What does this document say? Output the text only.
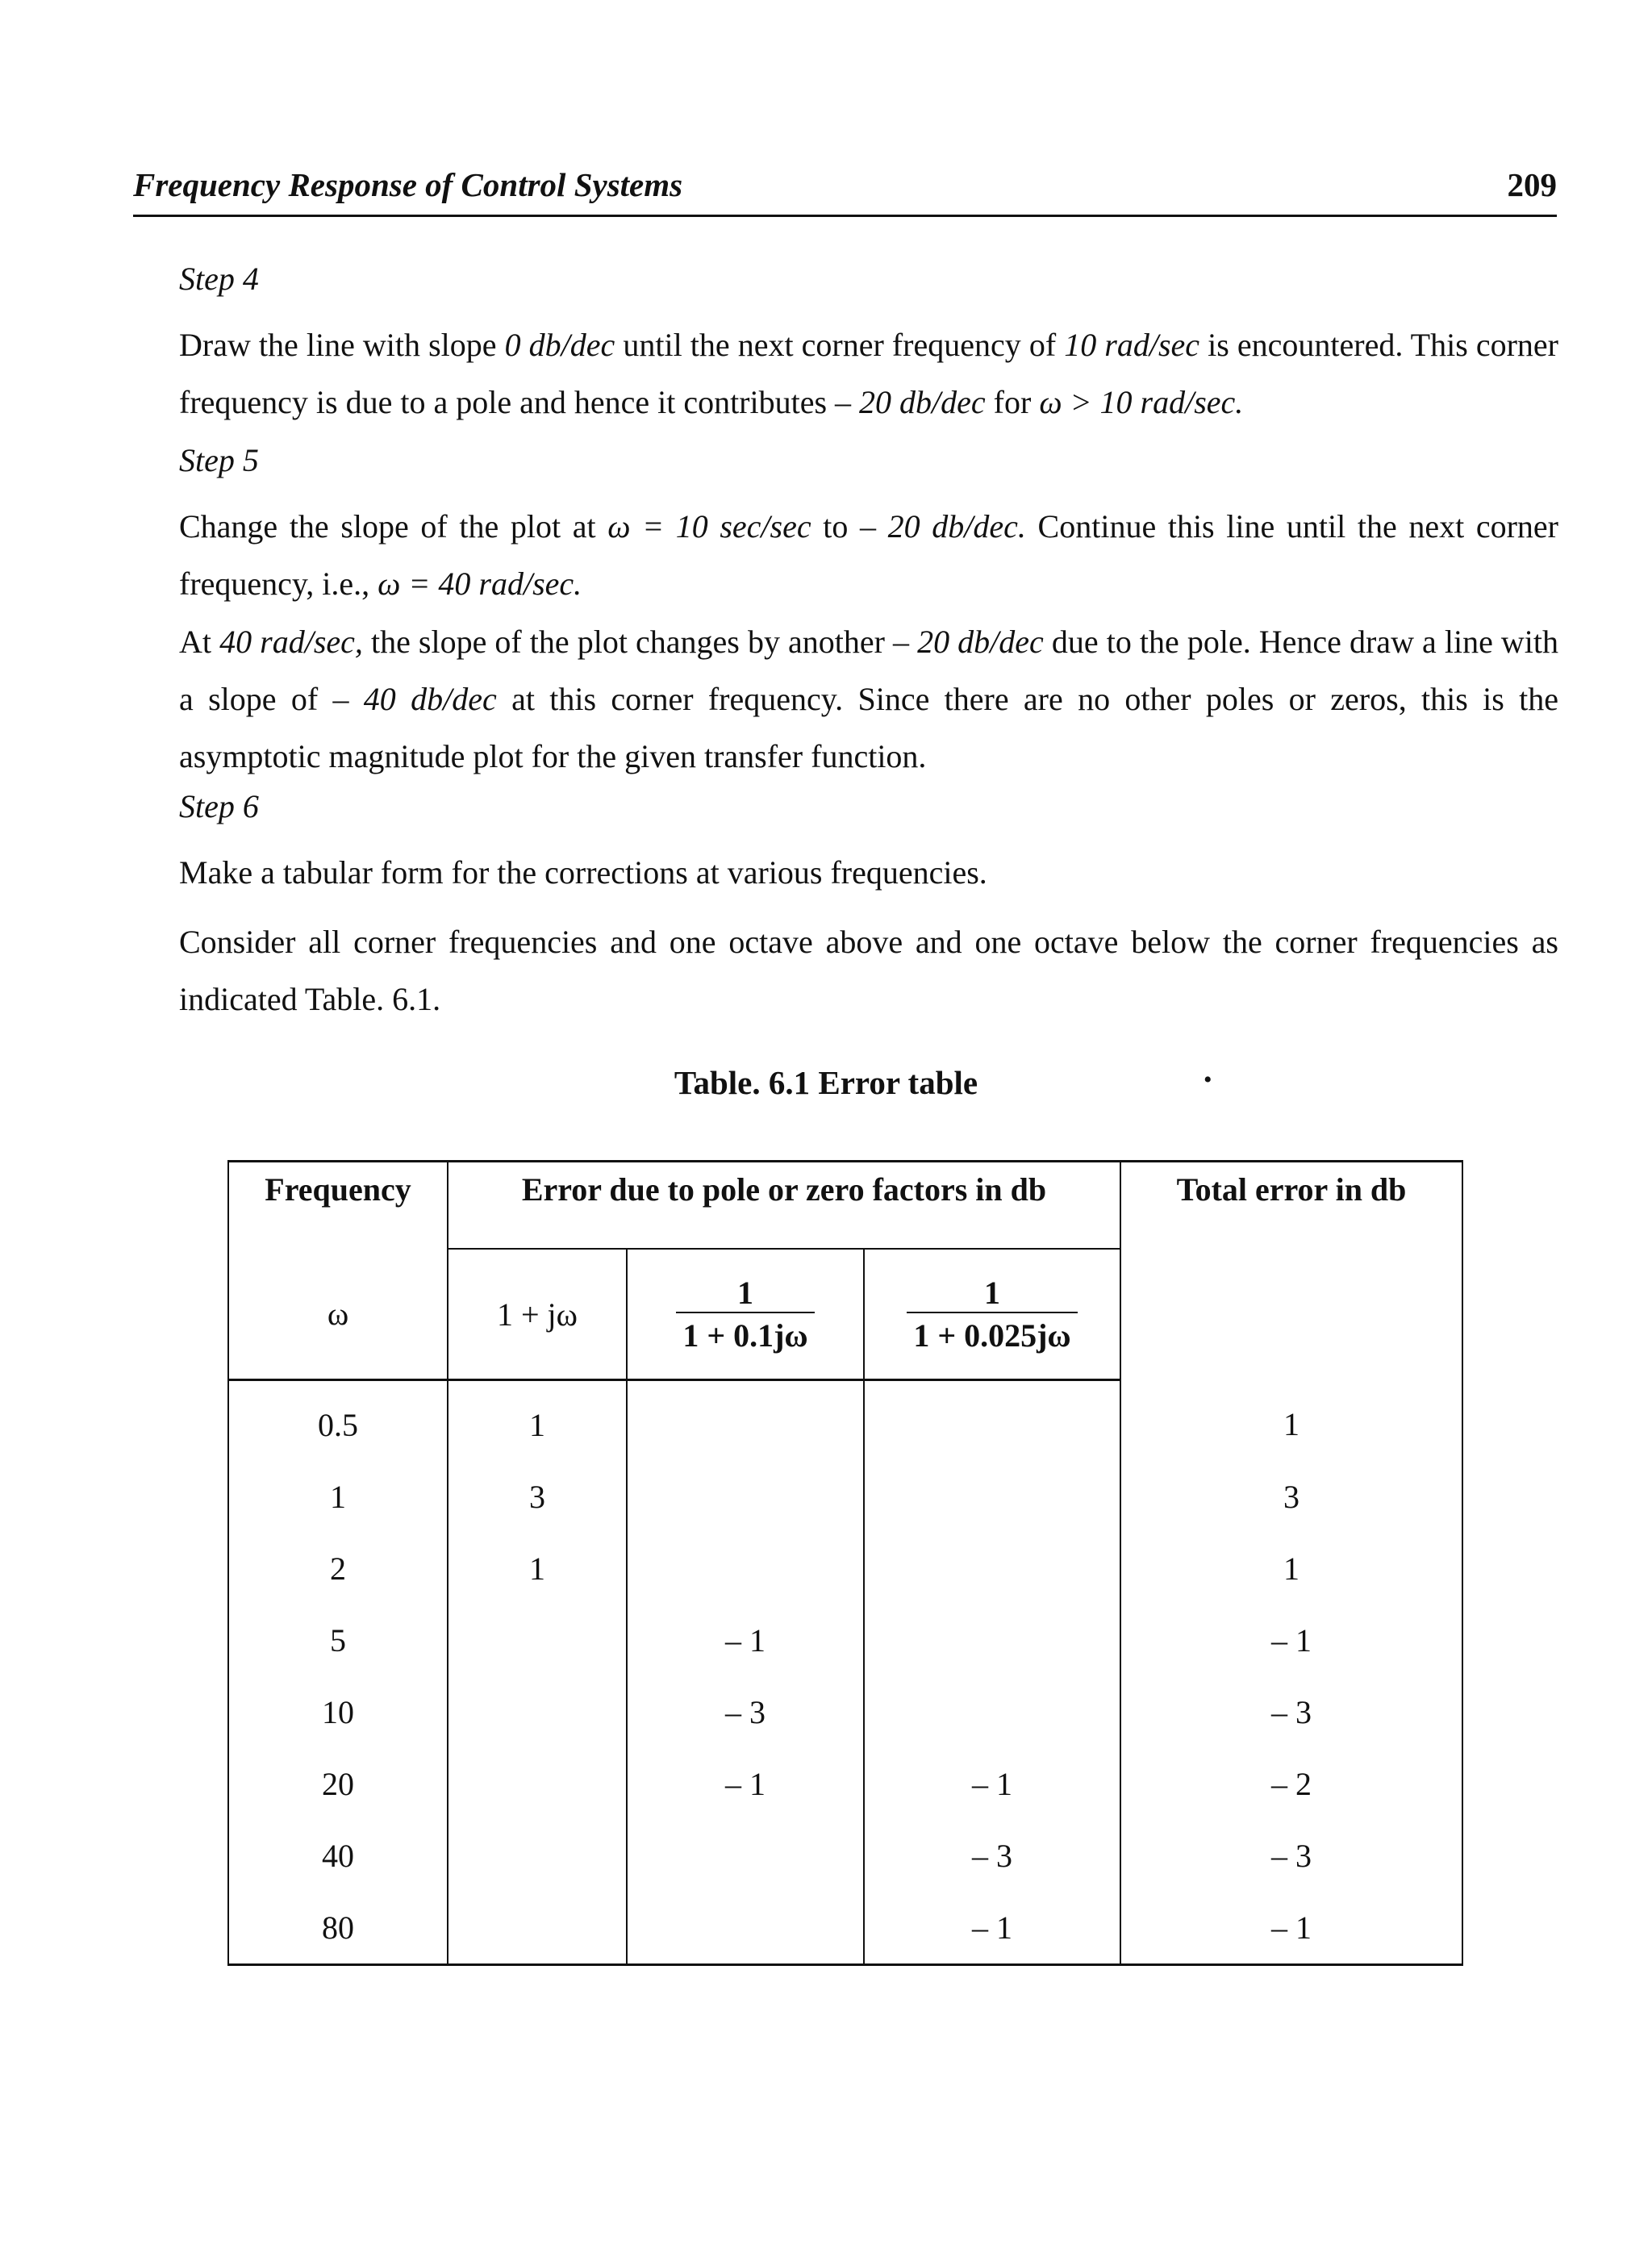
Frequency Response of Control Systems	209
Step 4
Draw the line with slope 0 db/dec until the next corner frequency of 10 rad/sec is encountered. This corner frequency is due to a pole and hence it contributes – 20 db/dec for ω > 10 rad/sec.
Step 5
Change the slope of the plot at ω = 10 sec/sec to – 20 db/dec. Continue this line until the next corner frequency, i.e., ω = 40 rad/sec.
At 40 rad/sec, the slope of the plot changes by another – 20 db/dec due to the pole. Hence draw a line with a slope of – 40 db/dec at this corner frequency. Since there are no other poles or zeros, this is the asymptotic magnitude plot for the given transfer function.
Step 6
Make a tabular form for the corrections at various frequencies.
Consider all corner frequencies and one octave above and one octave below the corner frequencies as indicated Table. 6.1.
Table. 6.1 Error table	•
Frequency	Error due to pole or zero factors in db			Total error in db
ω	1 + jω	$\frac{1}{1 + 0.1j\omega}$	$\frac{1}{1 + 0.025j\omega}$

0.5	1			1
1	3			3
2	1			1
5		– 1		– 1
10		– 3		– 3
20		– 1	– 1	– 2
40			– 3	– 3
80			– 1	– 1
